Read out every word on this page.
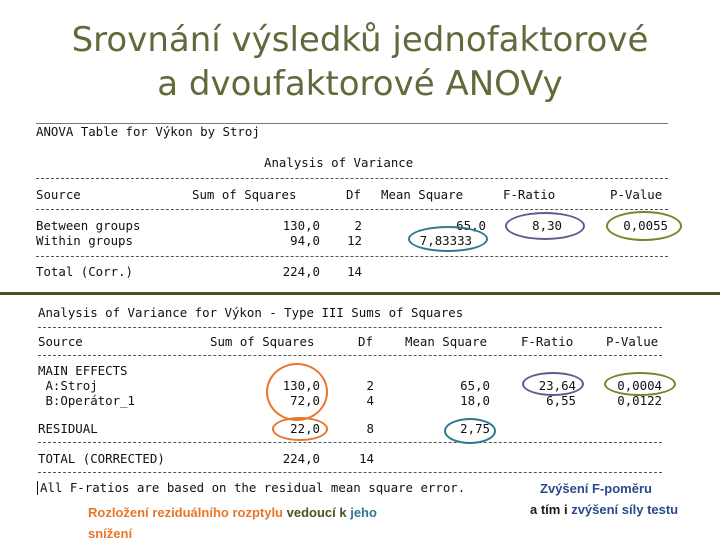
Srovnání výsledků jednofaktorové
a dvoufaktorové ANOVy
ANOVA Table for Výkon by Stroj
Analysis of Variance
Source	Sum of Squares	Df Mean Square	F-Ratio	P-Value
Between groups	130,0	2	65,0	8,30	0,0055
Within groups	94,0	12	7,83333
Total (Corr.)	224,0	14
Analysis of Variance for Výkon - Type III Sums of Squares
Source	Sum of Squares	Df	Mean Square	F-Ratio	P-Value
MAIN EFFECTS
A:Stroj	130,0	2	65,0	23,64	0,0004
B:Operátor_1	72,0	4	18,0	6,55	0,0122
RESIDUAL	22,0	8	2,75
TOTAL (CORRECTED)	224,0	14
All F-ratios are based on the residual mean square error.
Rozložení reziduálního rozptylu vedoucí k jeho
snížení
Zvýšení F-poměru
a tím i zvýšení síly testu
